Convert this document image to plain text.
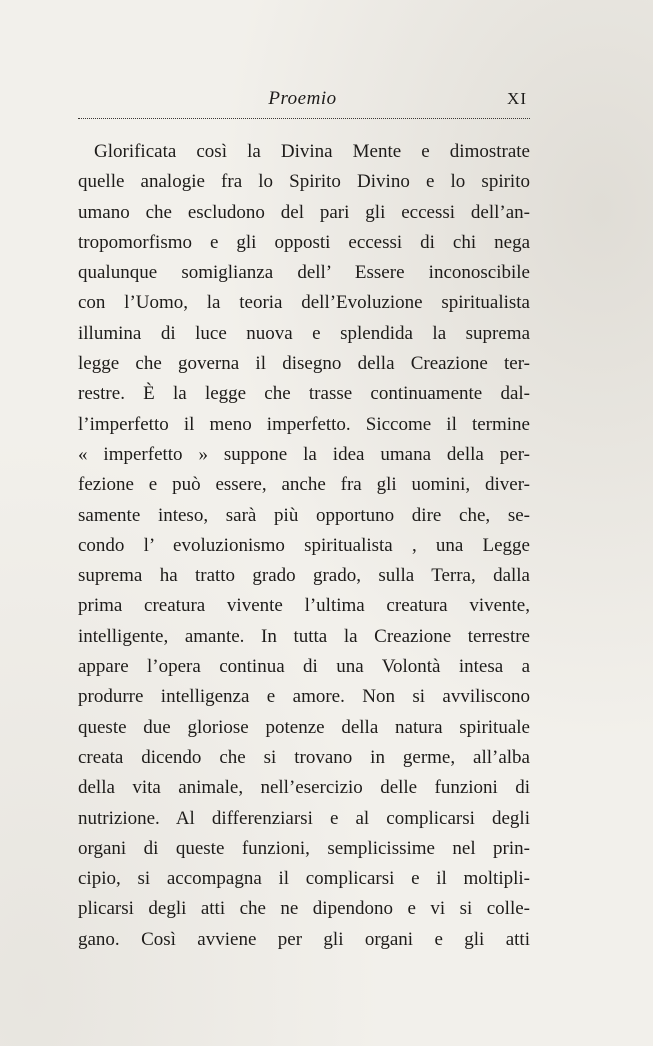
Proemio	XI
Glorificata così la Divina Mente e dimostrate
quelle analogie fra lo Spirito Divino e lo spirito
umano che escludono del pari gli eccessi dell’an-
tropomorfismo e gli opposti eccessi di chi nega
qualunque somiglianza dell’ Essere inconoscibile
con l’Uomo, la teoria dell’Evoluzione spiritualista
illumina di luce nuova e splendida la suprema
legge che governa il disegno della Creazione ter-
restre. È la legge che trasse continuamente dal-
l’imperfetto il meno imperfetto. Siccome il termine
« imperfetto » suppone la idea umana della per-
fezione e può essere, anche fra gli uomini, diver-
samente inteso, sarà più opportuno dire che, se-
condo l’ evoluzionismo spiritualista , una Legge
suprema ha tratto grado grado, sulla Terra, dalla
prima creatura vivente l’ultima creatura vivente,
intelligente, amante. In tutta la Creazione terrestre
appare l’opera continua di una Volontà intesa a
produrre intelligenza e amore. Non si avviliscono
queste due gloriose potenze della natura spirituale
creata dicendo che si trovano in germe, all’alba
della vita animale, nell’esercizio delle funzioni di
nutrizione. Al differenziarsi e al complicarsi degli
organi di queste funzioni, semplicissime nel prin-
cipio, si accompagna il complicarsi e il moltipli-
plicarsi degli atti che ne dipendono e vi si colle-
gano. Così avviene per gli organi e gli atti
